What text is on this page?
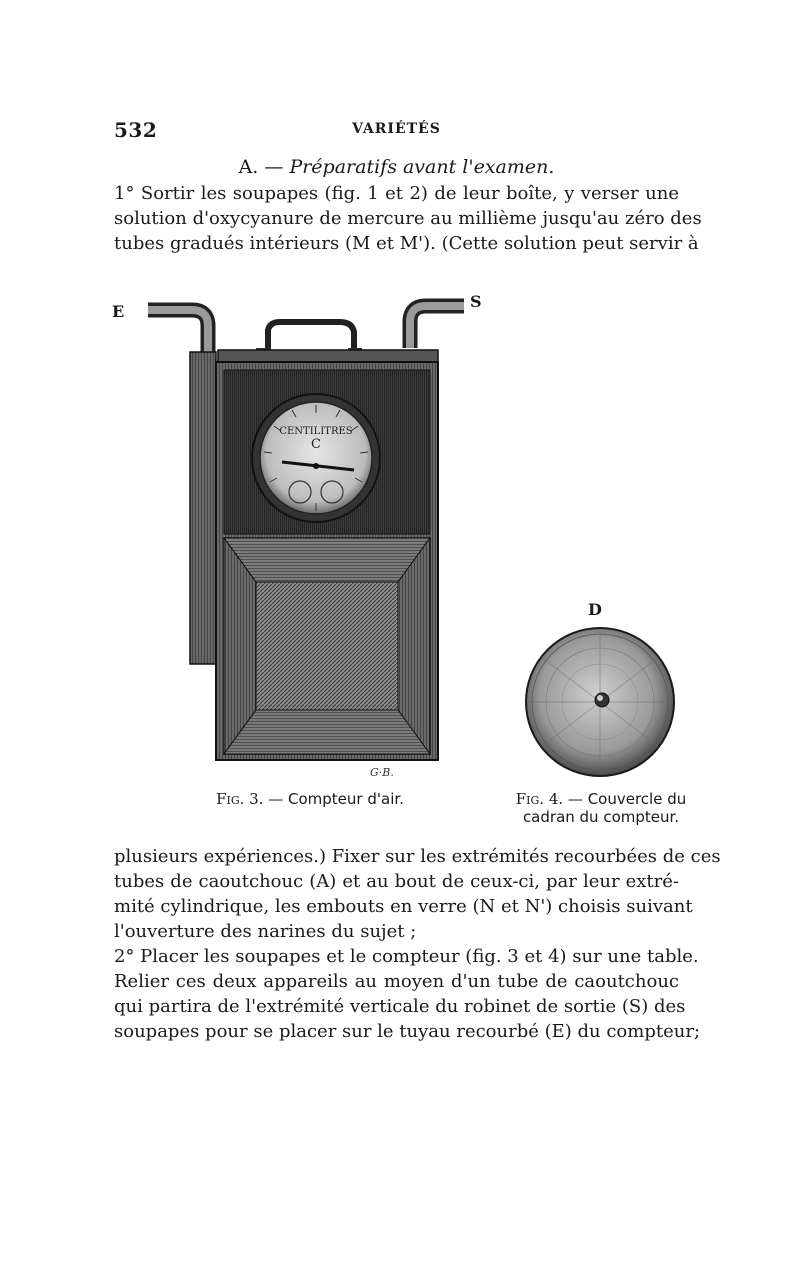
532	VARIÉTÉS
A. — Préparatifs avant l'examen.
1° Sortir les soupapes (fig. 1 et 2) de leur boîte, y verser une
solution d'oxycyanure de mercure au millième jusqu'au zéro des
tubes gradués intérieurs (M et M'). (Cette solution peut servir à
CENTILITRES
C
G·B.
E
S
D
Fig. 3. — Compteur d'air.	Fig. 4. — Couvercle du cadran du compteur.
plusieurs expériences.) Fixer sur les extrémités recourbées de ces
tubes de caoutchouc (A) et au bout de ceux-ci, par leur extré-
mité cylindrique, les embouts en verre (N et N') choisis suivant
l'ouverture des narines du sujet ;
2° Placer les soupapes et le compteur (fig. 3 et 4) sur une table.
Relier ces deux appareils au moyen d'un tube de caoutchouc
qui partira de l'extrémité verticale du robinet de sortie (S) des
soupapes pour se placer sur le tuyau recourbé (E) du compteur;
